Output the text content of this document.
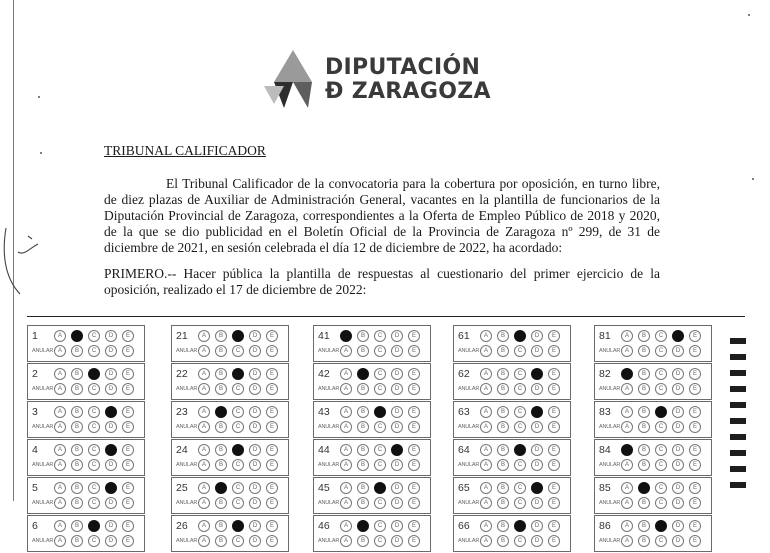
DIPUTACIÓN
Ð ZARAGOZA
TRIBUNAL CALIFICADOR
El Tribunal Calificador de la convocatoria para la cobertura por oposición, en turno libre, de diez plazas de Auxiliar de Administración General, vacantes en la plantilla de funcionarios de la Diputación Provincial de Zaragoza, correspondientes a la Oferta de Empleo Público de 2018 y 2020, de la que se dio publicidad en el Boletín Oficial de la Provincia de Zaragoza nº 299, de 31 de diciembre de 2021, en sesión celebrada el día 12 de diciembre de 2022, ha acordado:
PRIMERO.-- Hacer pública la plantilla de respuestas al cuestionario del primer ejercicio de la oposición, realizado el 17 de diciembre de 2022:
1	A	B	C	D	E
ANULAR A	B	C	D	E
2	A	B	C	D	E
ANULAR A	B	C	D	E
3	A	B	C	D	E
ANULAR A	B	C	D	E
4	A	B	C	D	E
ANULAR A	B	C	D	E
5	A	B	C	D	E
ANULAR A	B	C	D	E
6	A	B	C	D	E
ANULAR A	B	C	D	E
21	A	B	C	D	E
ANULAR A	B	C	D	E
22	A	B	C	D	E
ANULAR A	B	C	D	E
23	A	B	C	D	E
ANULAR A	B	C	D	E
24	A	B	C	D	E
ANULAR A	B	C	D	E
25	A	B	C	D	E
ANULAR A	B	C	D	E
26	A	B	C	D	E
ANULAR A	B	C	D	E
41	A	B	C	D	E
ANULAR A	B	C	D	E
42	A	B	C	D	E
ANULAR A	B	C	D	E
43	A	B	C	D	E
ANULAR A	B	C	D	E
44	A	B	C	D	E
ANULAR A	B	C	D	E
45	A	B	C	D	E
ANULAR A	B	C	D	E
46	A	B	C	D	E
ANULAR A	B	C	D	E
61	A	B	C	D	E
ANULAR A	B	C	D	E
62	A	B	C	D	E
ANULAR A	B	C	D	E
63	A	B	C	D	E
ANULAR A	B	C	D	E
64	A	B	C	D	E
ANULAR A	B	C	D	E
65	A	B	C	D	E
ANULAR A	B	C	D	E
66	A	B	C	D	E
ANULAR A	B	C	D	E
81	A	B	C	D	E
ANULAR A	B	C	D	E
82	A	B	C	D	E
ANULAR A	B	C	D	E
83	A	B	C	D	E
ANULAR A	B	C	D	E
84	A	B	C	D	E
ANULAR A	B	C	D	E
85	A	B	C	D	E
ANULAR A	B	C	D	E
86	A	B	C	D	E
ANULAR A	B	C	D	E
